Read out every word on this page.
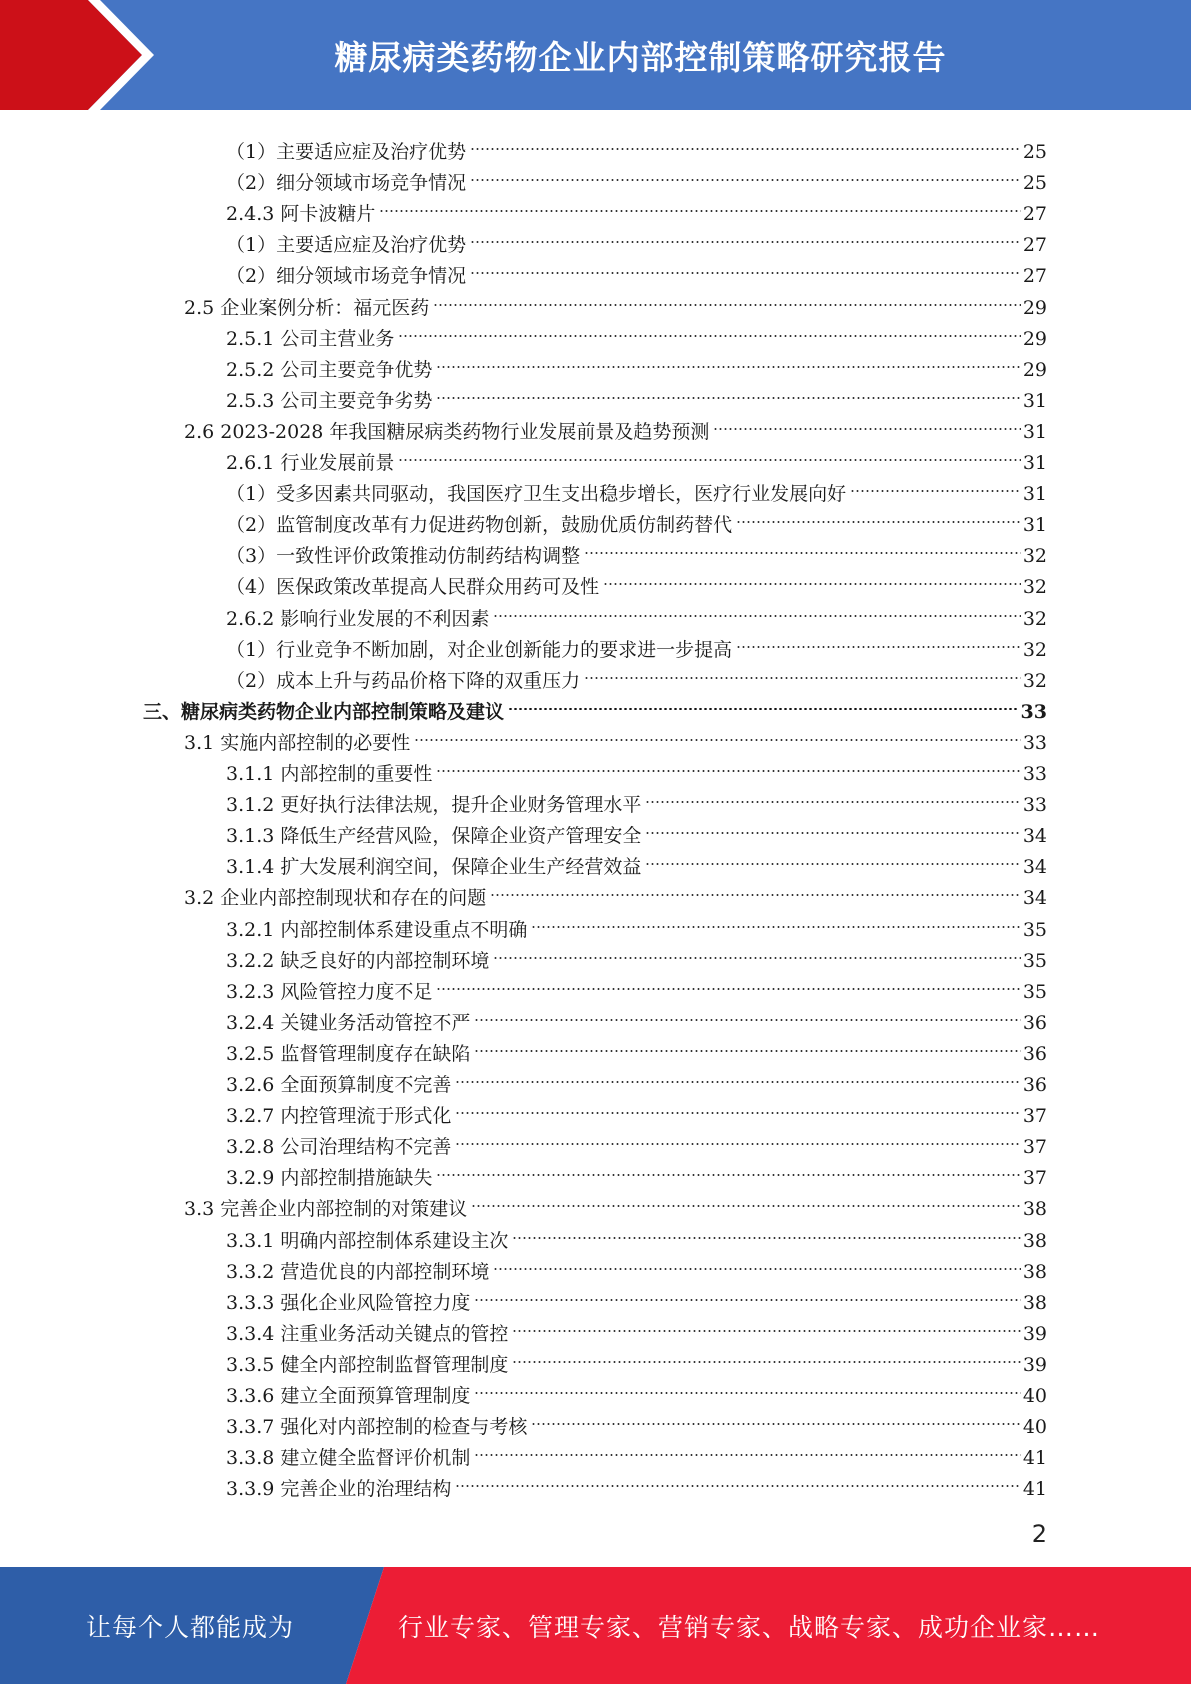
糖尿病类药物企业内部控制策略研究报告
（1）主要适应症及治疗优势	25
（2）细分领域市场竞争情况	25
2.4.3 阿卡波糖片	27
（1）主要适应症及治疗优势	27
（2）细分领域市场竞争情况	27
2.5 企业案例分析：福元医药	29
2.5.1 公司主营业务	29
2.5.2 公司主要竞争优势	29
2.5.3 公司主要竞争劣势	31
2.6 2023-2028 年我国糖尿病类药物行业发展前景及趋势预测	31
2.6.1 行业发展前景	31
（1）受多因素共同驱动，我国医疗卫生支出稳步增长，医疗行业发展向好	31
（2）监管制度改革有力促进药物创新，鼓励优质仿制药替代	31
（3）一致性评价政策推动仿制药结构调整	32
（4）医保政策改革提高人民群众用药可及性	32
2.6.2 影响行业发展的不利因素	32
（1）行业竞争不断加剧，对企业创新能力的要求进一步提高	32
（2）成本上升与药品价格下降的双重压力	32
三、糖尿病类药物企业内部控制策略及建议	33
3.1 实施内部控制的必要性	33
3.1.1 内部控制的重要性	33
3.1.2 更好执行法律法规，提升企业财务管理水平	33
3.1.3 降低生产经营风险，保障企业资产管理安全	34
3.1.4 扩大发展利润空间，保障企业生产经营效益	34
3.2 企业内部控制现状和存在的问题	34
3.2.1 内部控制体系建设重点不明确	35
3.2.2 缺乏良好的内部控制环境	35
3.2.3 风险管控力度不足	35
3.2.4 关键业务活动管控不严	36
3.2.5 监督管理制度存在缺陷	36
3.2.6 全面预算制度不完善	36
3.2.7 内控管理流于形式化	37
3.2.8 公司治理结构不完善	37
3.2.9 内部控制措施缺失	37
3.3 完善企业内部控制的对策建议	38
3.3.1 明确内部控制体系建设主次	38
3.3.2 营造优良的内部控制环境	38
3.3.3 强化企业风险管控力度	38
3.3.4 注重业务活动关键点的管控	39
3.3.5 健全内部控制监督管理制度	39
3.3.6 建立全面预算管理制度	40
3.3.7 强化对内部控制的检查与考核	40
3.3.8 建立健全监督评价机制	41
3.3.9 完善企业的治理结构	41
2
让每个人都能成为	行业专家、管理专家、营销专家、战略专家、成功企业家……
